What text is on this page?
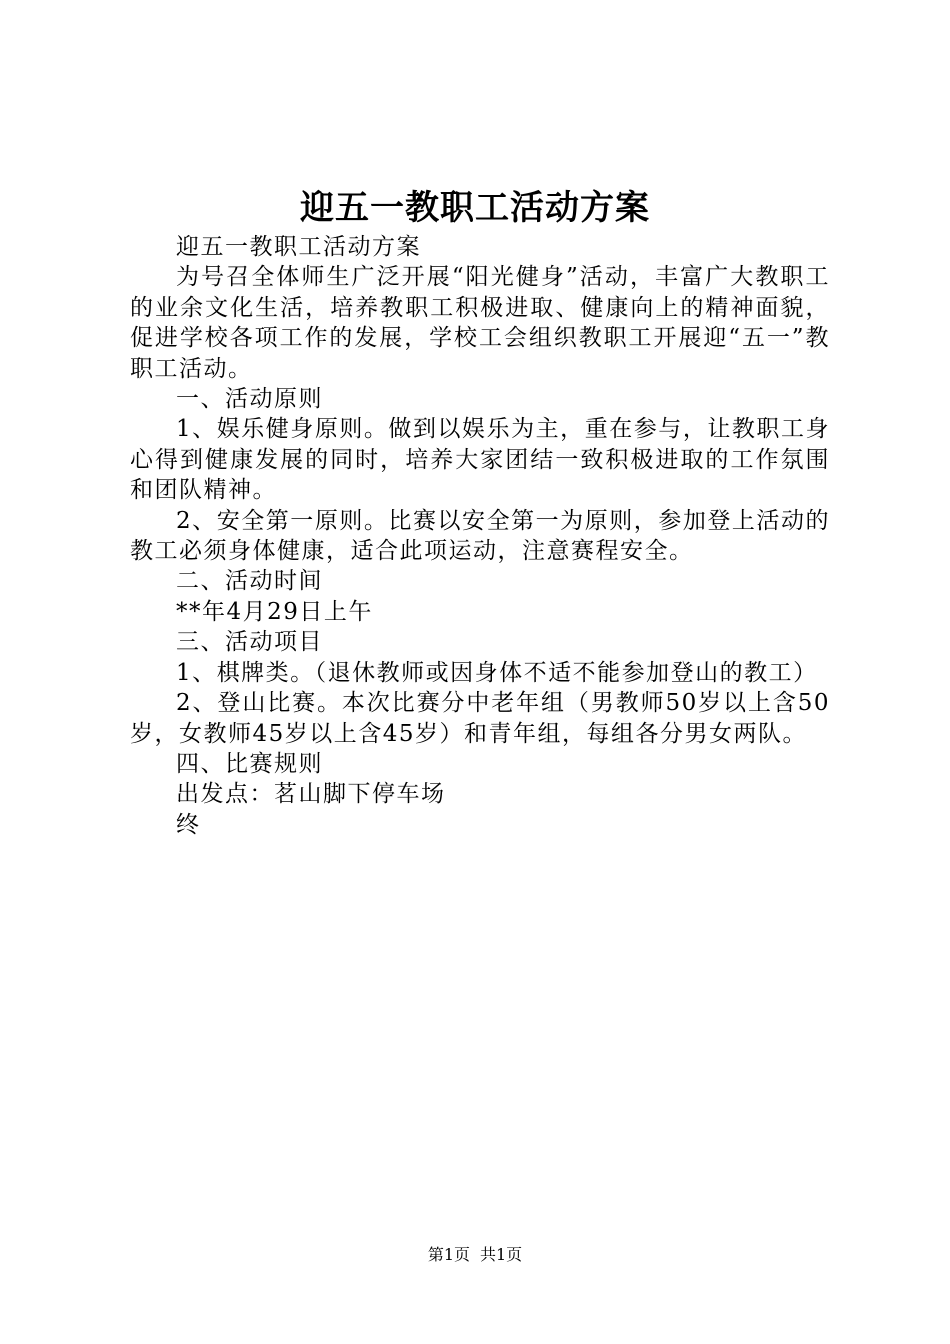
迎五一教职工活动方案

迎五一教职工活动方案

为号召全体师生广泛开展“阳光健身”活动，丰富广大教职工的业余文化生活，培养教职工积极进取、健康向上的精神面貌，促进学校各项工作的发展，学校工会组织教职工开展迎“五一”教职工活动。

一、活动原则

1、娱乐健身原则。做到以娱乐为主，重在参与，让教职工身心得到健康发展的同时，培养大家团结一致积极进取的工作氛围和团队精神。

2、安全第一原则。比赛以安全第一为原则，参加登上活动的教工必须身体健康，适合此项运动，注意赛程安全。

二、活动时间

**年4月29日上午

三、活动项目

1、棋牌类。（退休教师或因身体不适不能参加登山的教工）

2、登山比赛。本次比赛分中老年组（男教师50岁以上含50岁，女教师45岁以上含45岁）和青年组，每组各分男女两队。

四、比赛规则

出发点：茗山脚下停车场

终

第1页 共1页
